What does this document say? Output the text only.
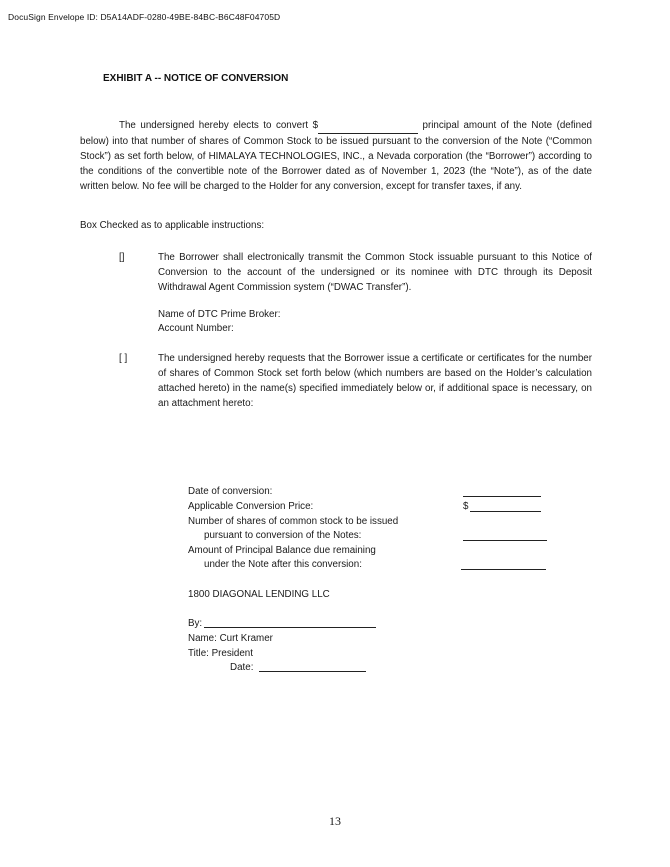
DocuSign Envelope ID: D5A14ADF-0280-49BE-84BC-B6C48F04705D
EXHIBIT A -- NOTICE OF CONVERSION

The undersigned hereby elects to convert $	principal amount of the Note (defined below) into that number of shares of Common Stock to be issued pursuant to the conversion of the Note (“Common Stock”) as set forth below, of HIMALAYA TECHNOLOGIES, INC., a Nevada corporation (the “Borrower”) according to the conditions of the convertible note of the Borrower dated as of November 1, 2023 (the “Note”), as of the date written below. No fee will be charged to the Holder for any conversion, except for transfer taxes, if any.

Box Checked as to applicable instructions:
[]	The Borrower shall electronically transmit the Common Stock issuable pursuant to this Notice of Conversion to the account of the undersigned or its nominee with DTC through its Deposit Withdrawal Agent Commission system (“DWAC Transfer”).

Name of DTC Prime Broker:
Account Number:
[ ]	The undersigned hereby requests that the Borrower issue a certificate or certificates for the number of shares of Common Stock set forth below (which numbers are based on the Holder’s calculation attached hereto) in the name(s) specified immediately below or, if additional space is necessary, on an attachment hereto:

Date of conversion:
Applicable Conversion Price:	$
Number of shares of common stock to be issued
pursuant to conversion of the Notes:
Amount of Principal Balance due remaining
under the Note after this conversion:
1800 DIAGONAL LENDING LLC
By:
Name: Curt Kramer
Title: President
Date:
13
